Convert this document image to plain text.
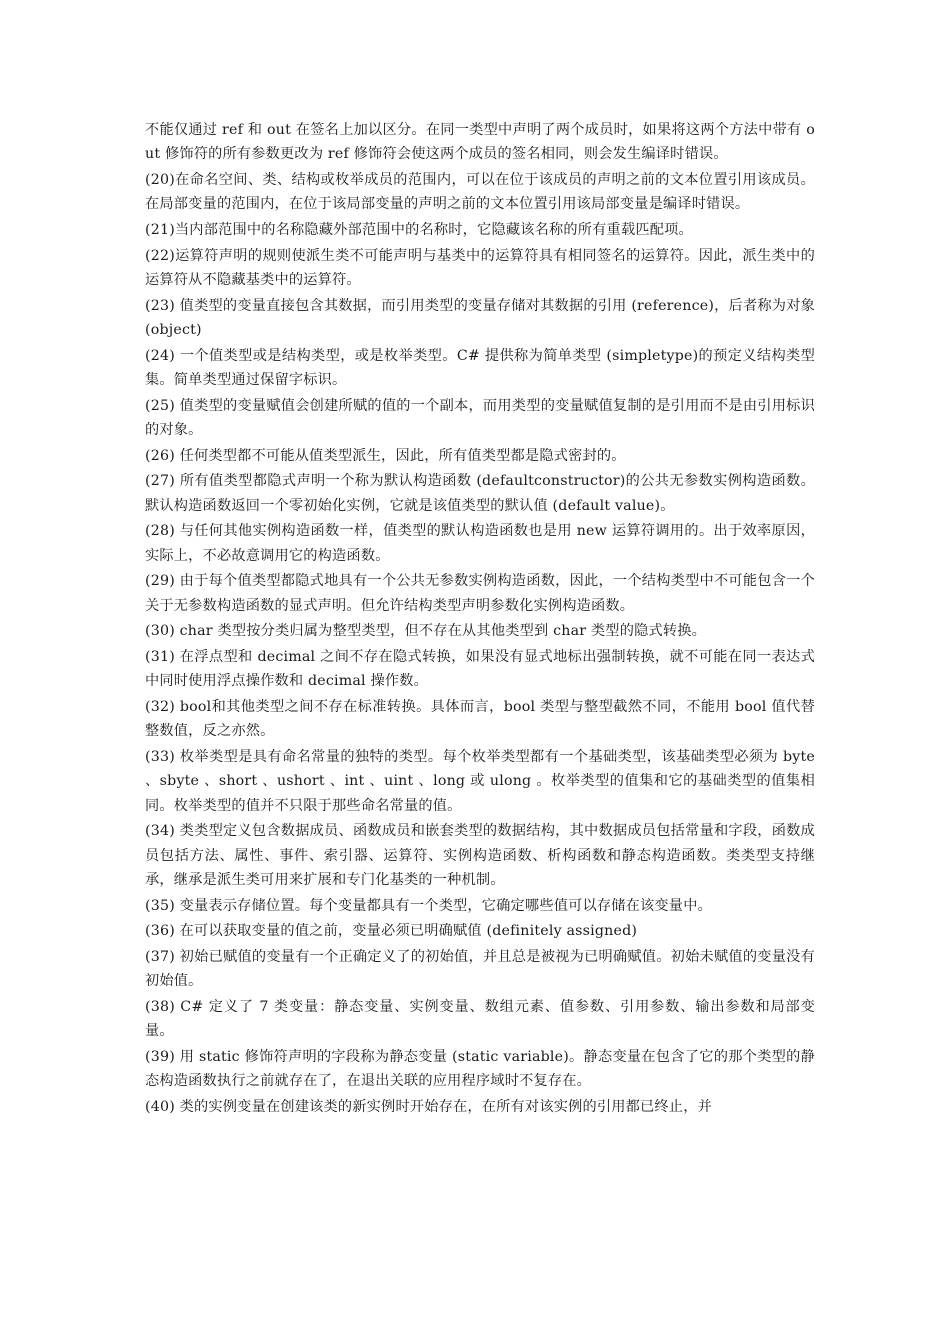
不能仅通过 ref 和 out 在签名上加以区分。在同一类型中声明了两个成员时，如果将这两个方法中带有 out 修饰符的所有参数更改为 ref 修饰符会使这两个成员的签名相同，则会发生编译时错误。

(20)在命名空间、类、结构或枚举成员的范围内，可以在位于该成员的声明之前的文本位置引用该成员。在局部变量的范围内，在位于该局部变量的声明之前的文本位置引用该局部变量是编译时错误。

(21)当内部范围中的名称隐藏外部范围中的名称时，它隐藏该名称的所有重载匹配项。

(22)运算符声明的规则使派生类不可能声明与基类中的运算符具有相同签名的运算符。因此，派生类中的运算符从不隐藏基类中的运算符。

(23) 值类型的变量直接包含其数据，而引用类型的变量存储对其数据的引用 (reference)，后者称为对象 (object)

(24) 一个值类型或是结构类型，或是枚举类型。C# 提供称为简单类型 (simpletype)的预定义结构类型集。简单类型通过保留字标识。

(25) 值类型的变量赋值会创建所赋的值的一个副本，而用类型的变量赋值复制的是引用而不是由引用标识的对象。

(26) 任何类型都不可能从值类型派生，因此，所有值类型都是隐式密封的。

(27) 所有值类型都隐式声明一个称为默认构造函数 (defaultconstructor)的公共无参数实例构造函数。默认构造函数返回一个零初始化实例，它就是该值类型的默认值 (default value)。

(28) 与任何其他实例构造函数一样，值类型的默认构造函数也是用 new 运算符调用的。出于效率原因，实际上，不必故意调用它的构造函数。

(29) 由于每个值类型都隐式地具有一个公共无参数实例构造函数，因此，一个结构类型中不可能包含一个关于无参数构造函数的显式声明。但允许结构类型声明参数化实例构造函数。

(30) char 类型按分类归属为整型类型，但不存在从其他类型到 char 类型的隐式转换。

(31) 在浮点型和 decimal 之间不存在隐式转换，如果没有显式地标出强制转换，就不可能在同一表达式中同时使用浮点操作数和 decimal 操作数。

(32) bool和其他类型之间不存在标准转换。具体而言，bool 类型与整型截然不同，不能用 bool 值代替整数值，反之亦然。

(33) 枚举类型是具有命名常量的独特的类型。每个枚举类型都有一个基础类型，该基础类型必须为 byte 、sbyte 、short 、ushort 、int 、uint 、long 或 ulong 。枚举类型的值集和它的基础类型的值集相同。枚举类型的值并不只限于那些命名常量的值。

(34) 类类型定义包含数据成员、函数成员和嵌套类型的数据结构，其中数据成员包括常量和字段，函数成员包括方法、属性、事件、索引器、运算符、实例构造函数、析构函数和静态构造函数。类类型支持继承，继承是派生类可用来扩展和专门化基类的一种机制。

(35) 变量表示存储位置。每个变量都具有一个类型，它确定哪些值可以存储在该变量中。

(36) 在可以获取变量的值之前，变量必须已明确赋值 (definitely assigned)

(37) 初始已赋值的变量有一个正确定义了的初始值，并且总是被视为已明确赋值。初始未赋值的变量没有初始值。

(38) C# 定义了 7 类变量：静态变量、实例变量、数组元素、值参数、引用参数、输出参数和局部变量。

(39) 用 static 修饰符声明的字段称为静态变量 (static variable)。静态变量在包含了它的那个类型的静态构造函数执行之前就存在了，在退出关联的应用程序域时不复存在。

(40) 类的实例变量在创建该类的新实例时开始存在，在所有对该实例的引用都已终止，并
